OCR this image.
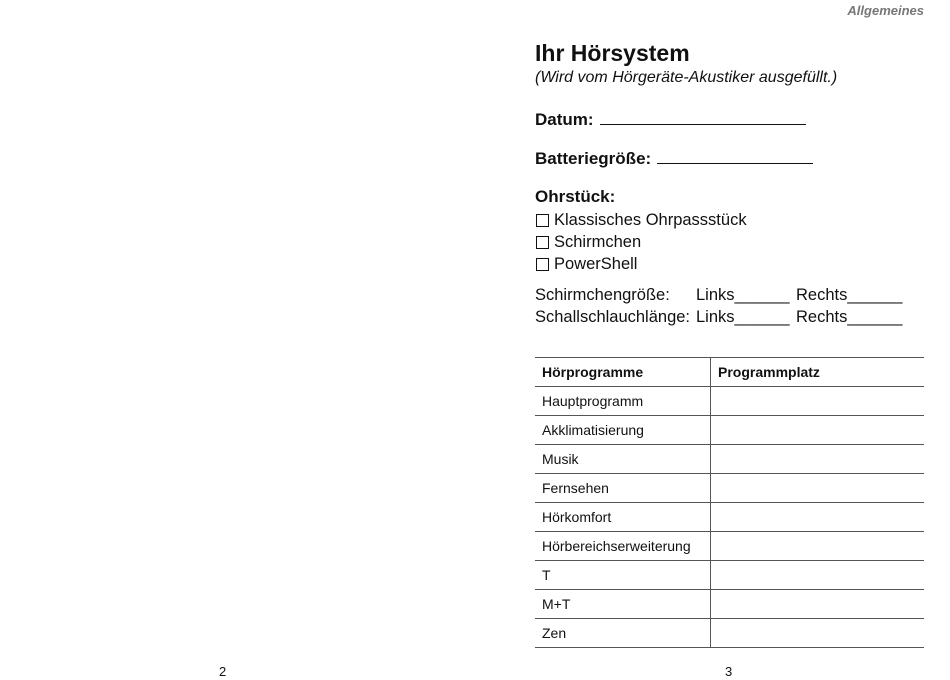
2
Allgemeines
Ihr Hörsystem
(Wird vom Hörgeräte-Akustiker ausgefüllt.)
Datum:
Batteriegröße:
Ohrstück:
Klassisches Ohrpassstück
Schirmchen
PowerShell
Schirmchengröße:	Links______ Rechts______
Schallschlauchlänge: Links______ Rechts______
Hörprogramme	Programmplatz
Hauptprogramm	
Akklimatisierung	
Musik	
Fernsehen	
Hörkomfort	
Hörbereichserweiterung	
T	
M+T	
Zen	
3
